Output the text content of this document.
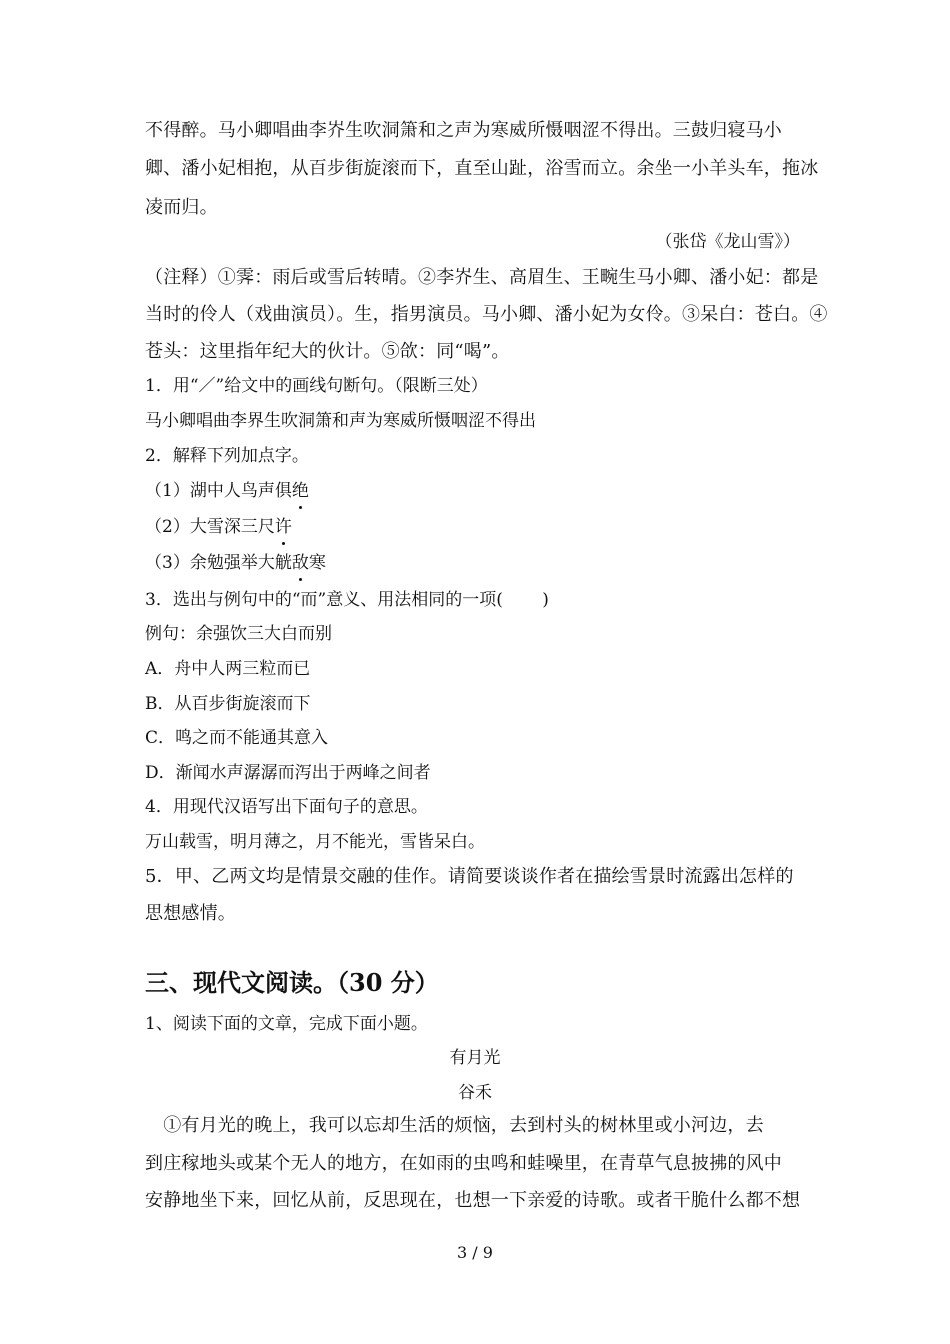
不得醉。马小卿唱曲李岕生吹洞箫和之声为寒威所慑咽涩不得出。三鼓归寝马小
卿、潘小妃相抱，从百步街旋滚而下，直至山趾，浴雪而立。余坐一小羊头车，拖冰
凌而归。
（张岱《龙山雪》）
（注释）①霁：雨后或雪后转晴。②李岕生、高眉生、王畹生马小卿、潘小妃：都是
当时的伶人（戏曲演员）。生，指男演员。马小卿、潘小妃为女伶。③呆白：苍白。④
苍头：这里指年纪大的伙计。⑤欱：同“喝”。
1．用“／”给文中的画线句断句。（限断三处）
马小卿唱曲李界生吹洞箫和声为寒威所慑咽涩不得出
2．解释下列加点字。
（1）湖中人鸟声俱绝
（2）大雪深三尺许
（3）余勉强举大觥敌寒
3．选出与例句中的“而”意义、用法相同的一项(　　 )
例句：余强饮三大白而别
A．舟中人两三粒而已
B．从百步街旋滚而下
C．鸣之而不能通其意入
D．渐闻水声潺潺而泻出于两峰之间者
4．用现代汉语写出下面句子的意思。
万山载雪，明月薄之，月不能光，雪皆呆白。
5．甲、乙两文均是情景交融的佳作。请简要谈谈作者在描绘雪景时流露出怎样的
思想感情。
三、现代文阅读。（30 分）
1、阅读下面的文章，完成下面小题。
有月光
谷禾
　①有月光的晚上，我可以忘却生活的烦恼，去到村头的树林里或小河边，去
到庄稼地头或某个无人的地方，在如雨的虫鸣和蛙噪里，在青草气息披拂的风中
安静地坐下来，回忆从前，反思现在，也想一下亲爱的诗歌。或者干脆什么都不想
3 / 9
